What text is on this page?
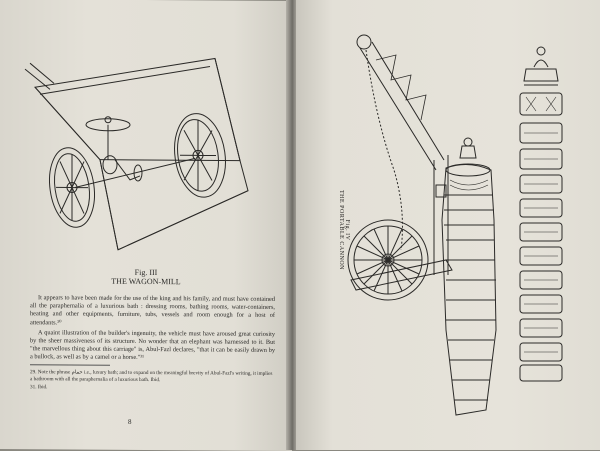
Fig. III
THE WAGON-MILL

It appears to have been made for the use of the king and his family, and must have contained all the paraphernalia of a luxurious bath : dressing rooms, bathing rooms, water-containers, heating and other equipments, furniture, tubs, vessels and room enough for a host of attendants.³⁰

A quaint illustration of the builder's ingenuity, the vehicle must have aroused great curiosity by the sheer massiveness of its structure. No wonder that an elephant was harnessed to it. But "the marvellous thing about this carriage" is, Abul-Fazl declares, "that it can be easily drawn by a bullock, as well as by a camel or a horse."³¹

29. Note the phrase حمام i.e., luxury bath; and to expand on the meaningful brevity of Abul-Fazl's writing, it implies a bathroom with all the paraphernalia of a luxurious bath. Ibid.
31. Ibid.
8
Fig. IV
THE PORTABLE CANNON
